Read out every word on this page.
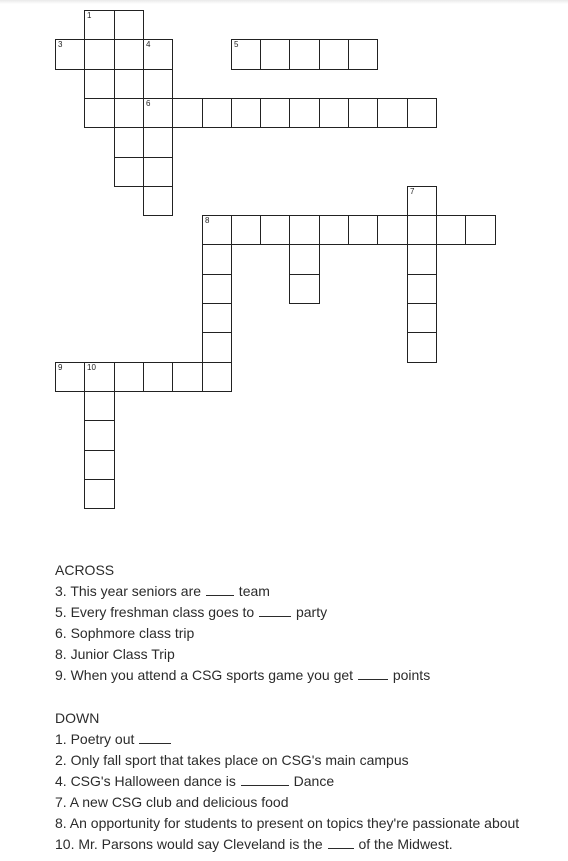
1
3	4	5
6
8
7
9	10
ACROSS
3. This year seniors are  team
5. Every freshman class goes to  party
6. Sophmore class trip
8. Junior Class Trip
9. When you attend a CSG sports game you get  points
DOWN
1. Poetry out
2. Only fall sport that takes place on CSG's main campus
4. CSG's Halloween dance is	Dance
7. A new CSG club and delicious food
8. An opportunity for students to present on topics they're passionate about
10. Mr. Parsons would say Cleveland is the  of the Midwest.
